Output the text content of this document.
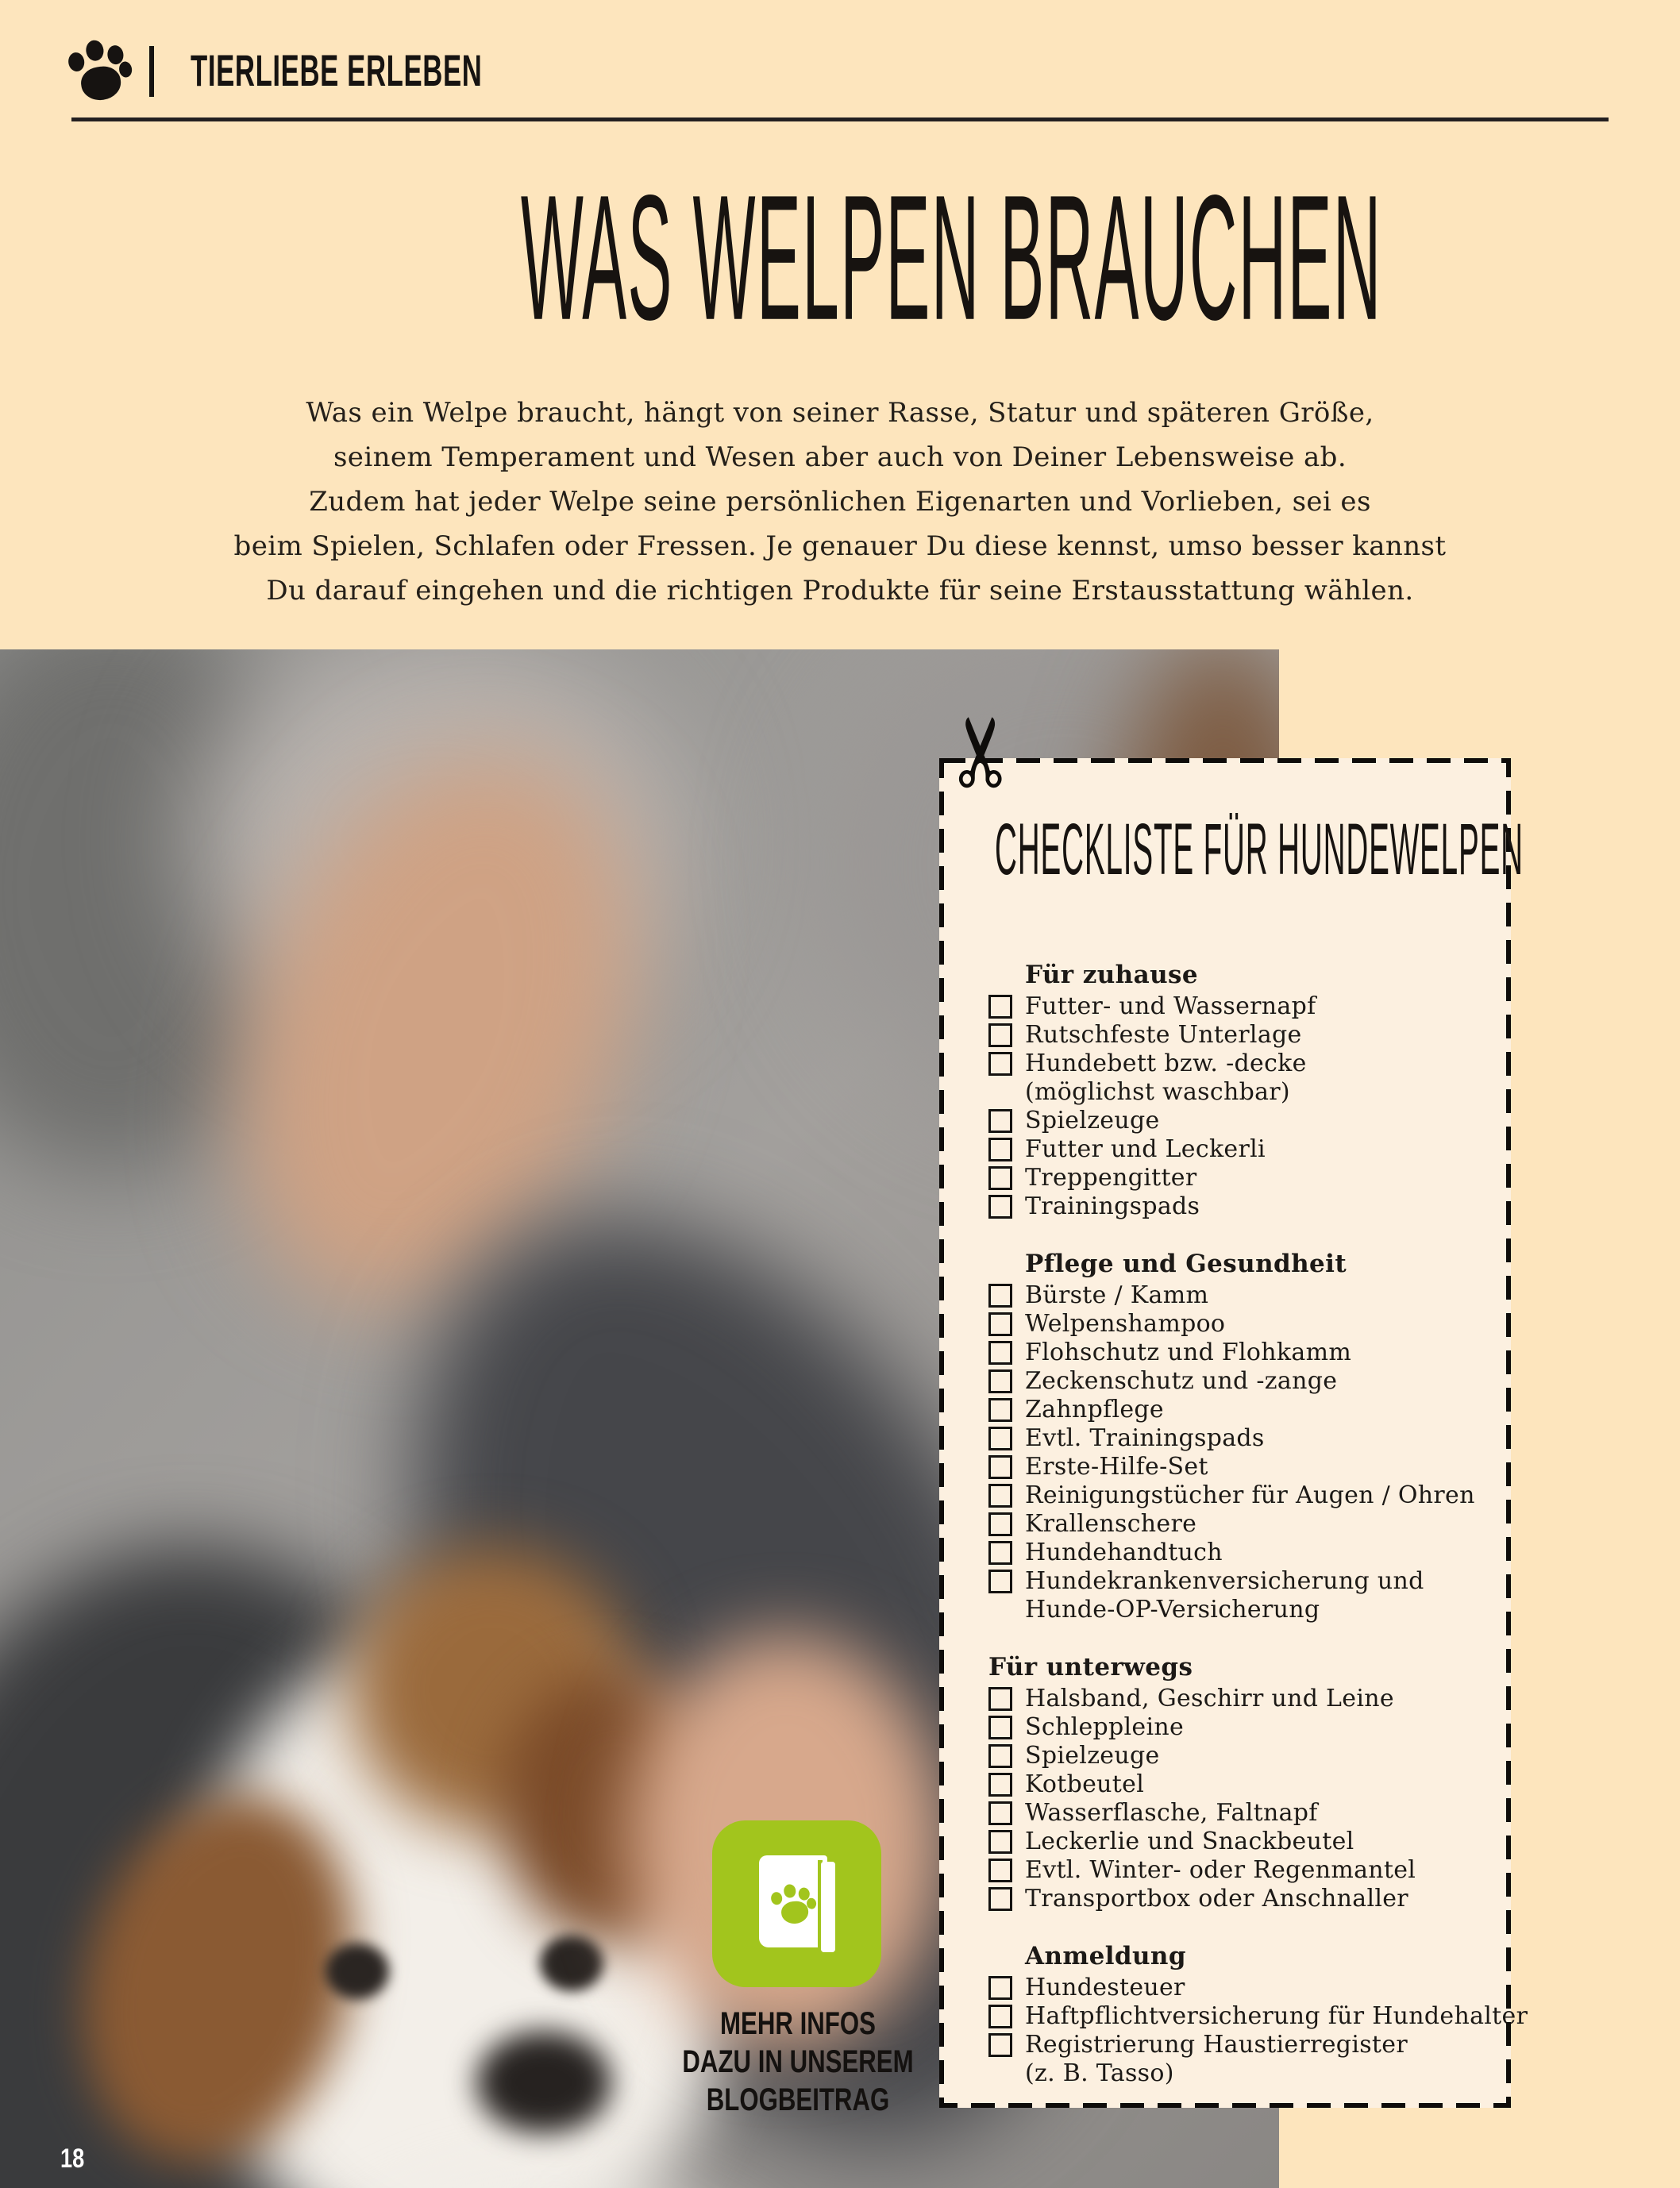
TIERLIEBE ERLEBEN
WAS WELPEN BRAUCHEN
Was ein Welpe braucht, hängt von seiner Rasse, Statur und späteren Größe,
seinem Temperament und Wesen aber auch von Deiner Lebensweise ab.
Zudem hat jeder Welpe seine persönlichen Eigenarten und Vorlieben, sei es
beim Spielen, Schlafen oder Fressen. Je genauer Du diese kennst, umso besser kannst
Du darauf eingehen und die richtigen Produkte für seine Erstausstattung wählen.
✂
CHECKLISTE FÜR HUNDEWELPEN
Für zuhause
Futter- und Wassernapf
Rutschfeste Unterlage
Hundebett bzw. -decke
(möglichst waschbar)
Spielzeuge
Futter und Leckerli
Treppengitter
Trainingspads
Pflege und Gesundheit
Bürste / Kamm
Welpenshampoo
Flohschutz und Flohkamm
Zeckenschutz und -zange
Zahnpflege
Evtl. Trainingspads
Erste-Hilfe-Set
Reinigungstücher für Augen / Ohren
Krallenschere
Hundehandtuch
Hundekrankenversicherung und
Hunde-OP-Versicherung
Für unterwegs
Halsband, Geschirr und Leine
Schleppleine
Spielzeuge
Kotbeutel
Wasserflasche, Faltnapf
Leckerlie und Snackbeutel
Evtl. Winter- oder Regenmantel
Transportbox oder Anschnaller
Anmeldung
Hundesteuer
Haftpflichtversicherung für Hundehalter
Registrierung Haustierregister
(z. B. Tasso)
MEHR INFOS
DAZU IN UNSEREM
BLOGBEITRAG
18
